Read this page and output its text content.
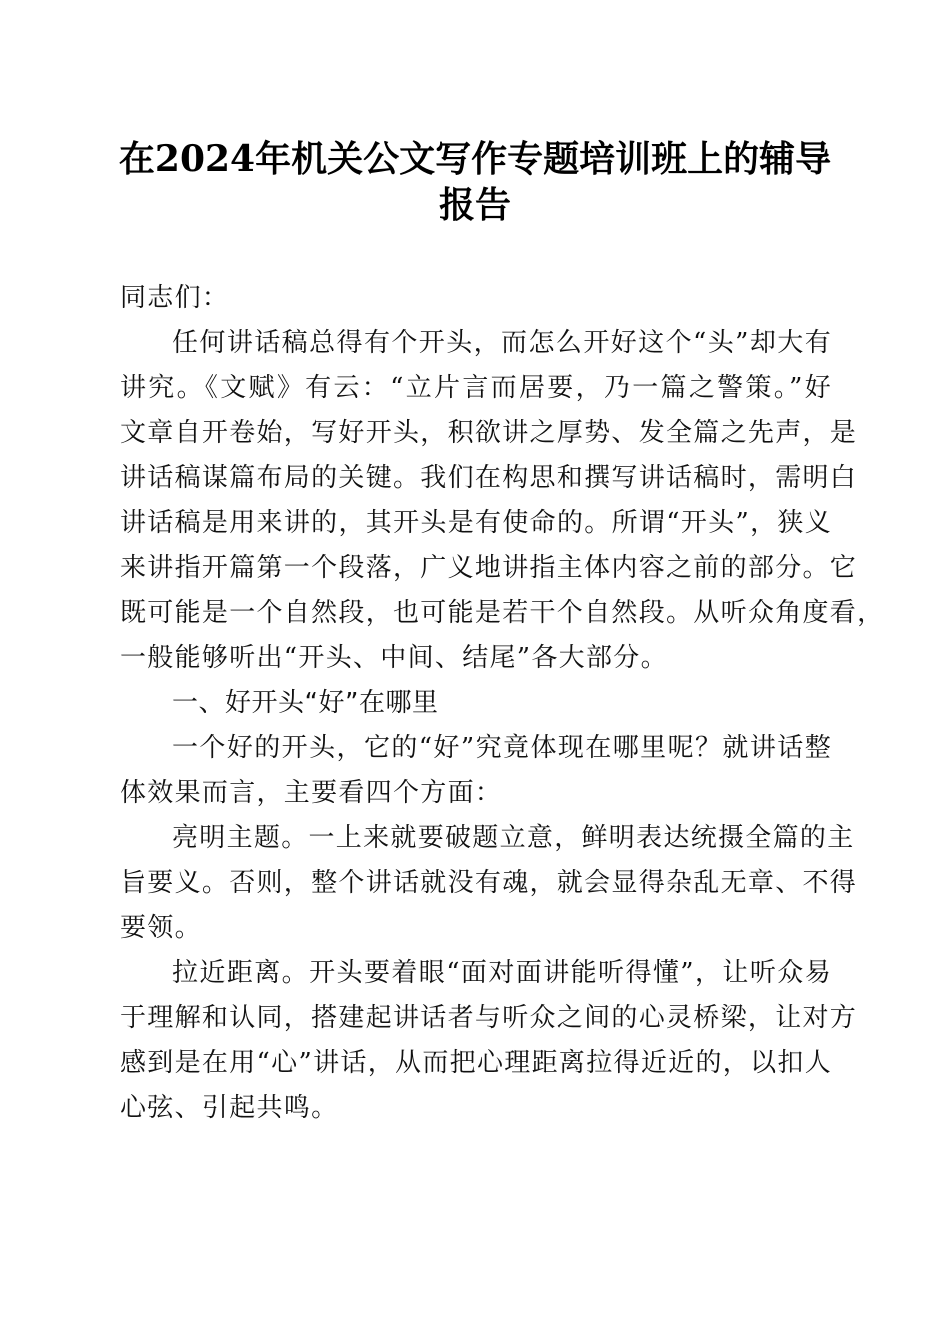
在2024年机关公文写作专题培训班上的辅导
报告
同志们：
任何讲话稿总得有个开头，而怎么开好这个“头”却大有
讲究。《文赋》有云：“立片言而居要，乃一篇之警策。”好
文章自开卷始，写好开头，积欲讲之厚势、发全篇之先声，是
讲话稿谋篇布局的关键。我们在构思和撰写讲话稿时，需明白
讲话稿是用来讲的，其开头是有使命的。所谓“开头”，狭义
来讲指开篇第一个段落，广义地讲指主体内容之前的部分。它
既可能是一个自然段，也可能是若干个自然段。从听众角度看，
一般能够听出“开头、中间、结尾”各大部分。
一、好开头“好”在哪里
一个好的开头，它的“好”究竟体现在哪里呢？就讲话整
体效果而言，主要看四个方面：
亮明主题。一上来就要破题立意，鲜明表达统摄全篇的主
旨要义。否则，整个讲话就没有魂，就会显得杂乱无章、不得
要领。
拉近距离。开头要着眼“面对面讲能听得懂”，让听众易
于理解和认同，搭建起讲话者与听众之间的心灵桥梁，让对方
感到是在用“心”讲话，从而把心理距离拉得近近的，以扣人
心弦、引起共鸣。
